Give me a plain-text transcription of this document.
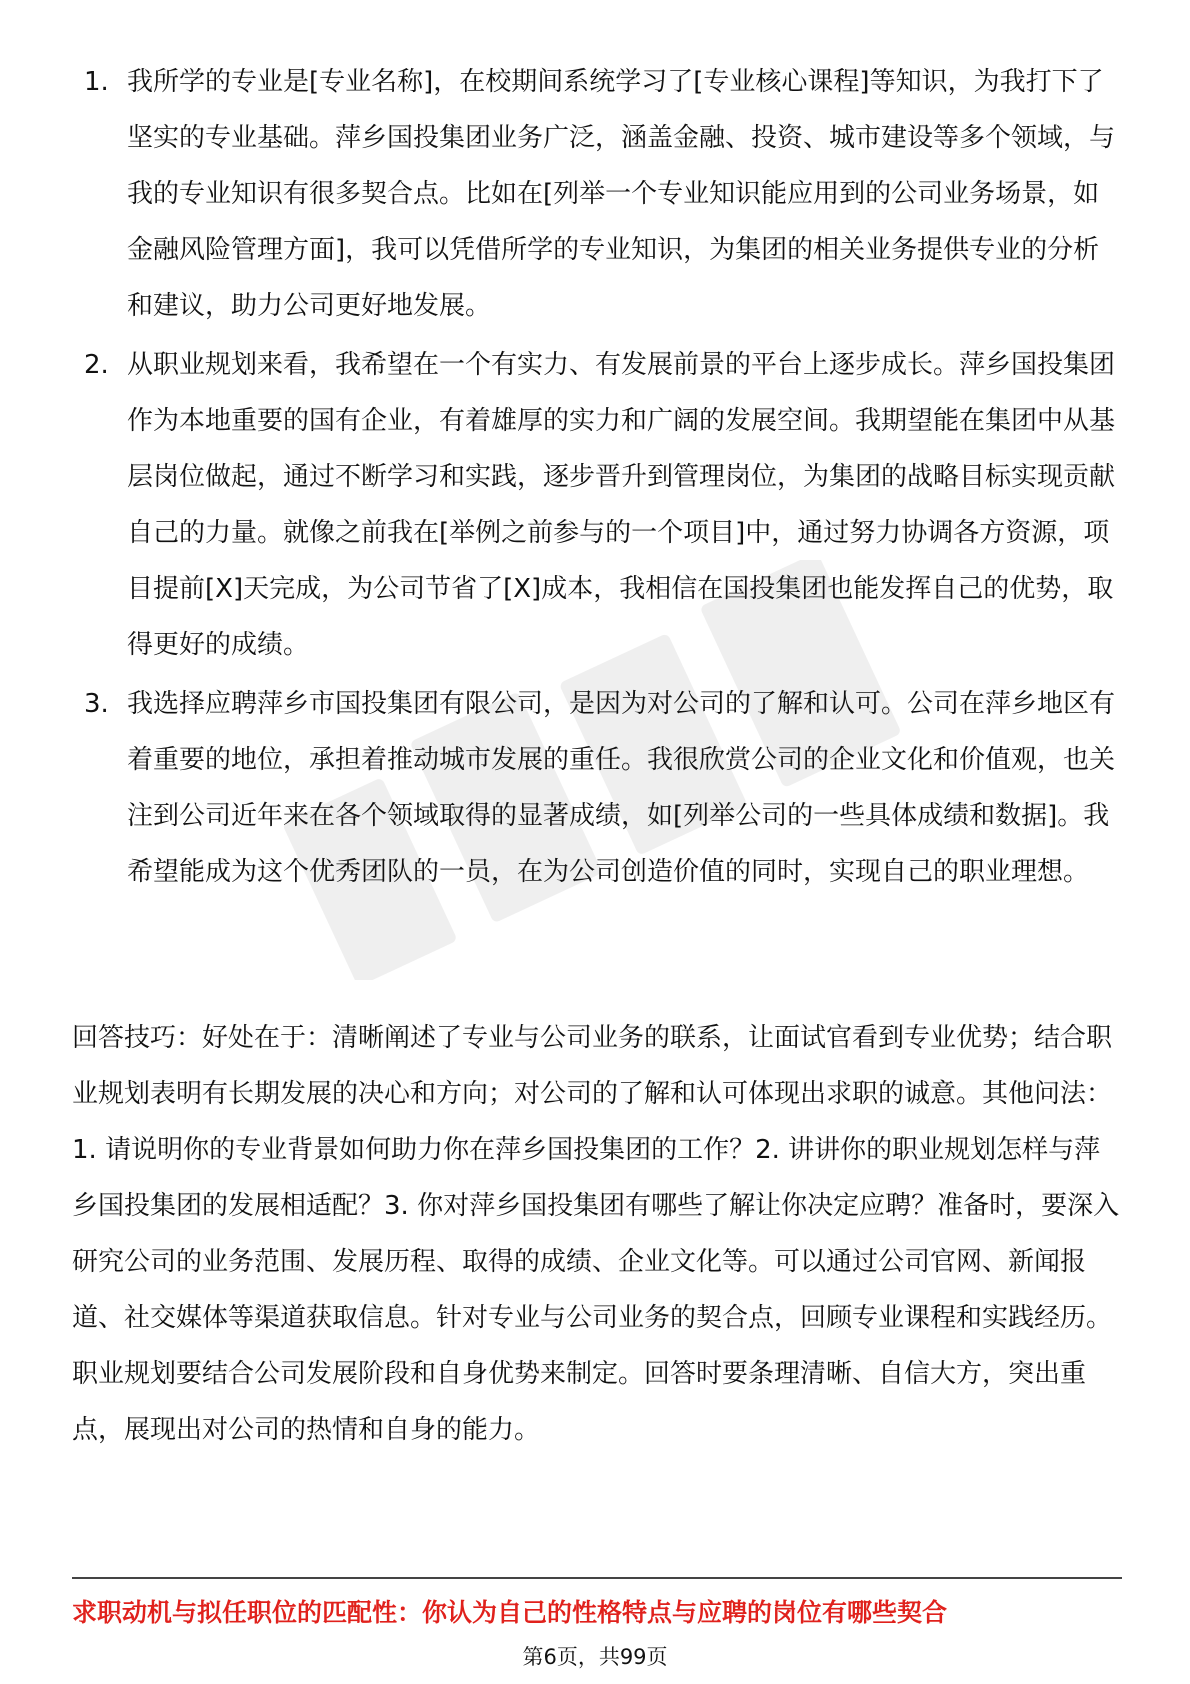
1. 我所学的专业是[专业名称]，在校期间系统学习了[专业核心课程]等知识，为我打下了坚实的专业基础。萍乡国投集团业务广泛，涵盖金融、投资、城市建设等多个领域，与我的专业知识有很多契合点。比如在[列举一个专业知识能应用到的公司业务场景，如金融风险管理方面]，我可以凭借所学的专业知识，为集团的相关业务提供专业的分析和建议，助力公司更好地发展。
2. 从职业规划来看，我希望在一个有实力、有发展前景的平台上逐步成长。萍乡国投集团作为本地重要的国有企业，有着雄厚的实力和广阔的发展空间。我期望能在集团中从基层岗位做起，通过不断学习和实践，逐步晋升到管理岗位，为集团的战略目标实现贡献自己的力量。就像之前我在[举例之前参与的一个项目]中，通过努力协调各方资源，项目提前[X]天完成，为公司节省了[X]成本，我相信在国投集团也能发挥自己的优势，取得更好的成绩。
3. 我选择应聘萍乡市国投集团有限公司，是因为对公司的了解和认可。公司在萍乡地区有着重要的地位，承担着推动城市发展的重任。我很欣赏公司的企业文化和价值观，也关注到公司近年来在各个领域取得的显著成绩，如[列举公司的一些具体成绩和数据]。我希望能成为这个优秀团队的一员，在为公司创造价值的同时，实现自己的职业理想。

回答技巧：好处在于：清晰阐述了专业与公司业务的联系，让面试官看到专业优势；结合职业规划表明有长期发展的决心和方向；对公司的了解和认可体现出求职的诚意。其他问法：1. 请说明你的专业背景如何助力你在萍乡国投集团的工作？2. 讲讲你的职业规划怎样与萍乡国投集团的发展相适配？3. 你对萍乡国投集团有哪些了解让你决定应聘？准备时，要深入研究公司的业务范围、发展历程、取得的成绩、企业文化等。可以通过公司官网、新闻报道、社交媒体等渠道获取信息。针对专业与公司业务的契合点，回顾专业课程和实践经历。职业规划要结合公司发展阶段和自身优势来制定。回答时要条理清晰、自信大方，突出重点，展现出对公司的热情和自身的能力。

求职动机与拟任职位的匹配性：你认为自己的性格特点与应聘的岗位有哪些契合
第6页，共99页
